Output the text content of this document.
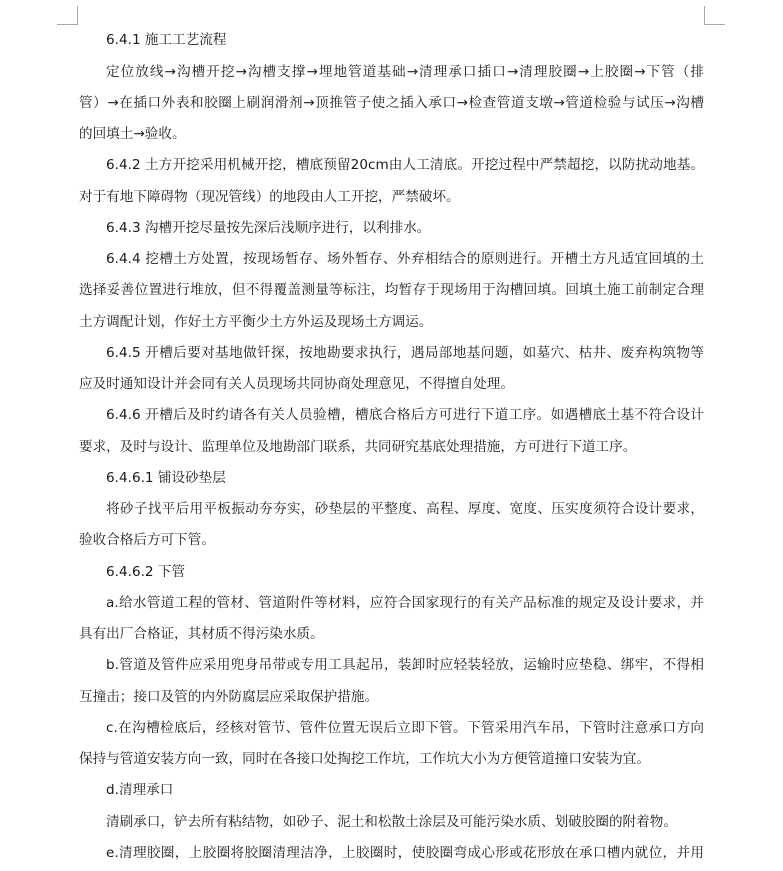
6.4.1 施工工艺流程
定位放线→沟槽开挖→沟槽支撑→埋地管道基础→清理承口插口→清理胶圈→上胶圈→下管（排
管）→在插口外表和胶圈上刷润滑剂→顶推管子使之插入承口→检查管道支墩→管道检验与试压→沟槽
的回填土→验收。
6.4.2 土方开挖采用机械开挖，槽底预留20cm由人工清底。开挖过程中严禁超挖，以防扰动地基。
对于有地下障碍物（现况管线）的地段由人工开挖，严禁破坏。
6.4.3 沟槽开挖尽量按先深后浅顺序进行，以利排水。
6.4.4 挖槽土方处置，按现场暂存、场外暂存、外弃相结合的原则进行。开槽土方凡适宜回填的土
选择妥善位置进行堆放，但不得覆盖测量等标注，均暂存于现场用于沟槽回填。回填土施工前制定合理
土方调配计划，作好土方平衡少土方外运及现场土方调运。
6.4.5 开槽后要对基地做钎探，按地勘要求执行，遇局部地基问题，如墓穴、枯井、废弃构筑物等
应及时通知设计并会同有关人员现场共同协商处理意见，不得擅自处理。
6.4.6 开槽后及时约请各有关人员验槽，槽底合格后方可进行下道工序。如遇槽底土基不符合设计
要求，及时与设计、监理单位及地勘部门联系，共同研究基底处理措施，方可进行下道工序。
6.4.6.1 铺设砂垫层
将砂子找平后用平板振动夯夯实，砂垫层的平整度、高程、厚度、宽度、压实度须符合设计要求，
验收合格后方可下管。
6.4.6.2 下管
a.给水管道工程的管材、管道附件等材料，应符合国家现行的有关产品标准的规定及设计要求，并
具有出厂合格证，其材质不得污染水质。
b.管道及管件应采用兜身吊带或专用工具起吊，装卸时应轻装轻放，运输时应垫稳、绑牢，不得相
互撞击；接口及管的内外防腐层应采取保护措施。
c.在沟槽检底后，经核对管节、管件位置无误后立即下管。下管采用汽车吊，下管时注意承口方向
保持与管道安装方向一致，同时在各接口处掏挖工作坑，工作坑大小为方便管道撞口安装为宜。
d.清理承口
清刷承口，铲去所有粘结物，如砂子、泥土和松散土涂层及可能污染水质、划破胶圈的附着物。
e.清理胶圈，上胶圈将胶圈清理洁净，上胶圈时，使胶圈弯成心形或花形放在承口槽内就位，并用
